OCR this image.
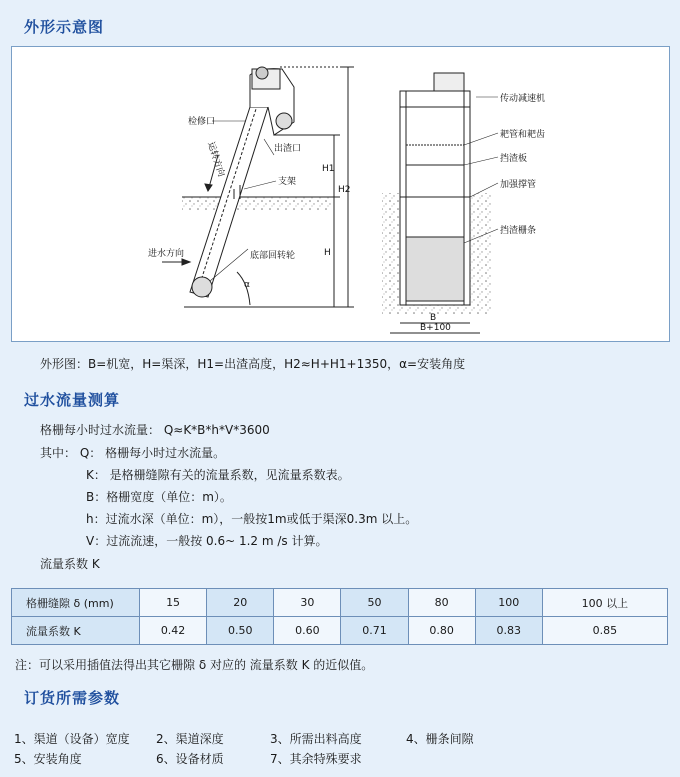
外形示意图
检修口
出渣口
支架
进水方向	底部回转轮
α
H1
H2
H
运转方向
传动减速机
耙管和耙齿
挡渣板
加强撑管
挡渣栅条
B
B+100

外形图：B=机宽，H=渠深，H1=出渣高度，H2≈H+H1+1350，α=安装角度

过水流量测算

格栅每小时过水流量： Q≈K*B*h*V*3600

其中： Q： 格栅每小时过水流量。

K： 是格栅缝隙有关的流量系数，见流量系数表。

B：格栅宽度（单位：m）。

h：过流水深（单位：m），一般按1m或低于渠深0.3m 以上。

V：过流流速，一般按 0.6~ 1.2 m /s 计算。

流量系数 K

格栅缝隙 δ (mm)	15	20	30	50	80	100	100 以上
流量系数 K	0.42	0.50	0.60	0.71	0.80	0.83	0.85

注：可以采用插值法得出其它栅隙 δ 对应的 流量系数 K 的近似值。

订货所需参数
1、渠道（设备）宽度 2、渠道深度	3、所需出料高度	4、栅条间隙
5、安装角度	6、设备材质	7、其余特殊要求
